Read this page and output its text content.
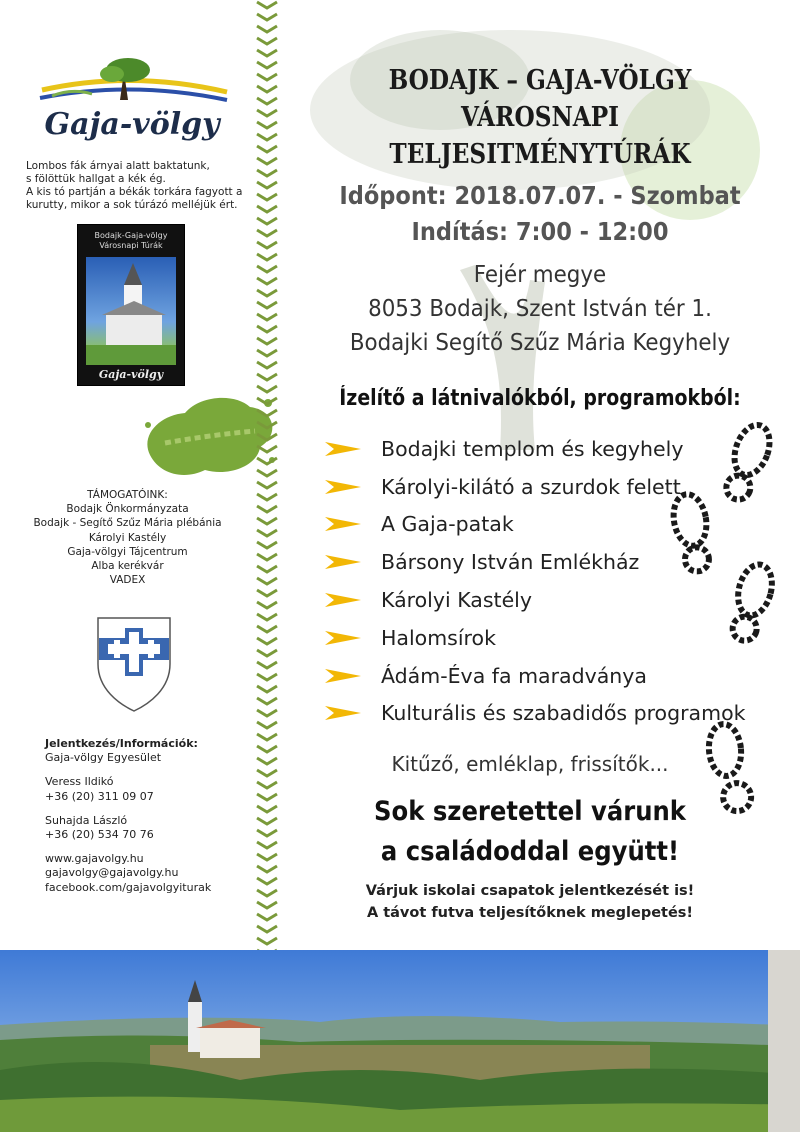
Gaja-völgy
Lombos fák árnyai alatt baktatunk,
s fölöttük hallgat a kék ég.
A kis tó partján a békák torkára fagyott a
kurutty, mikor a sok túrázó melléjük ért.
Bodajk-Gaja-völgy
Városnapi Túrák
Gaja-völgy
TÁMOGATÓINK:
Bodajk Önkormányzata
Bodajk - Segítő Szűz Mária plébánia
Károlyi Kastély
Gaja-völgyi Tájcentrum
Alba kerékvár
VADEX
Jelentkezés/Információk:
Gaja-völgy Egyesület
Veress Ildikó
+36 (20) 311 09 07
Suhajda László
+36 (20) 534 70 76
www.gajavolgy.hu
gajavolgy@gajavolgy.hu
facebook.com/gajavolgyiturak
BODAJK – GAJA-VÖLGY
VÁROSNAPI TELJESITMÉNYTÚRÁK
Időpont: 2018.07.07. - Szombat
Indítás: 7:00 - 12:00
Fejér megye
8053 Bodajk, Szent István tér 1.
Bodajki Segítő Szűz Mária Kegyhely
Ízelítő a látnivalókból, programokból:
Bodajki templom és kegyhely
Károlyi-kilátó a szurdok felett
A Gaja-patak
Bársony István Emlékház
Károlyi Kastély
Halomsírok
Ádám-Éva fa maradványa
Kulturális és szabadidős programok
Kitűző, emléklap, frissítők...
Sok szeretettel várunk
a családoddal együtt!
Várjuk iskolai csapatok jelentkezését is!
A távot futva teljesítőknek meglepetés!
